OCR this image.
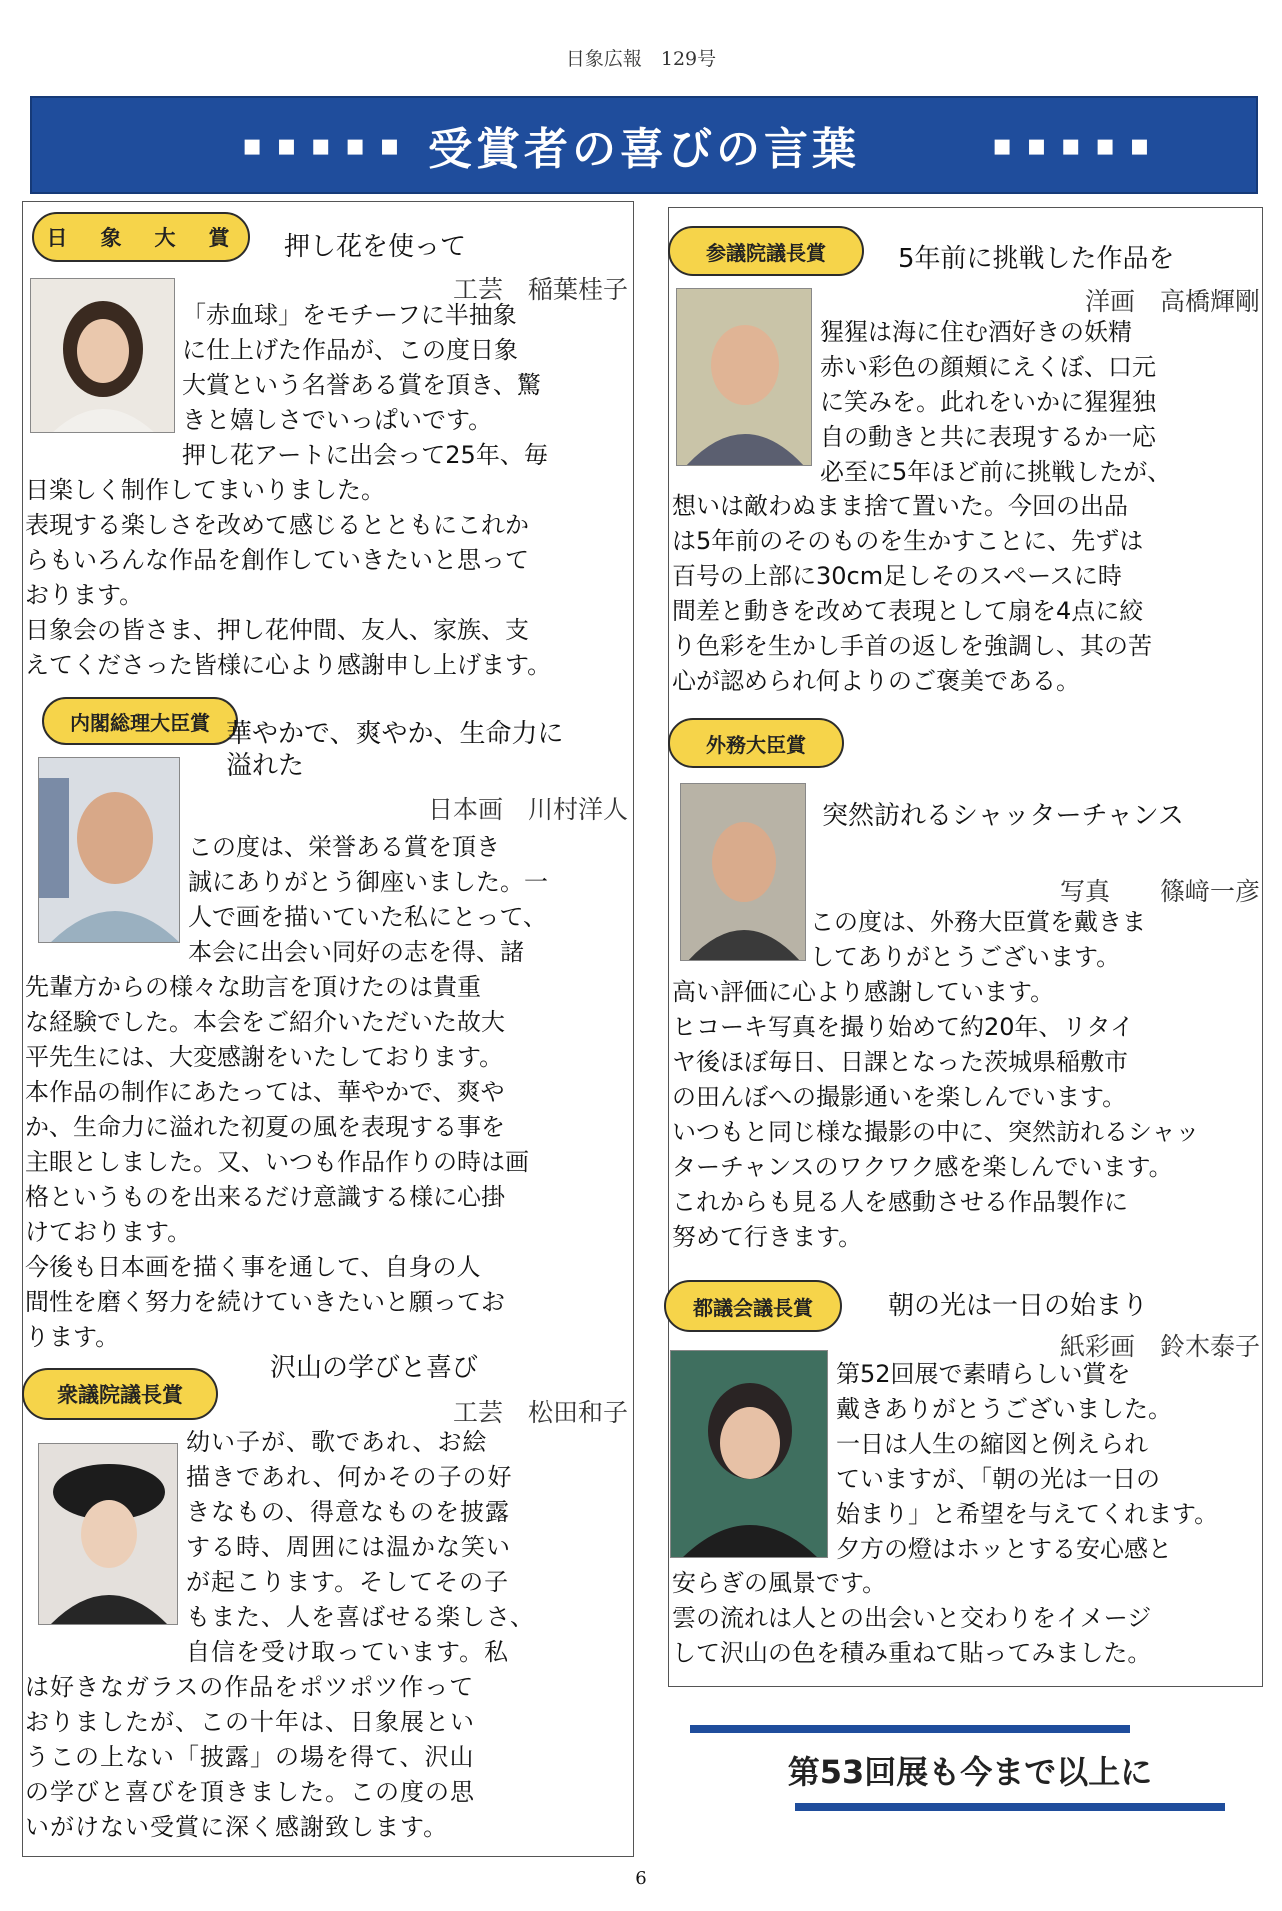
日象広報　129号
▪▪▪▪▪ 受賞者の喜びの言葉	▪▪▪▪▪
日　象　大　賞	押し花を使って
工芸　稲葉桂子
「赤血球」をモチーフに半抽象
に仕上げた作品が、この度日象
大賞という名誉ある賞を頂き、驚
きと嬉しさでいっぱいです。
押し花アートに出会って25年、毎
日楽しく制作してまいりました。
表現する楽しさを改めて感じるとともにこれか
らもいろんな作品を創作していきたいと思って
おります。
日象会の皆さま、押し花仲間、友人、家族、支
えてくださった皆様に心より感謝申し上げます。
内閣総理大臣賞 華やかで、爽やか、生命力に
溢れた
日本画　川村洋人
この度は、栄誉ある賞を頂き
誠にありがとう御座いました。一
人で画を描いていた私にとって、
本会に出会い同好の志を得、諸
先輩方からの様々な助言を頂けたのは貴重
な経験でした。本会をご紹介いただいた故大
平先生には、大変感謝をいたしております。
本作品の制作にあたっては、華やかで、爽や
か、生命力に溢れた初夏の風を表現する事を
主眼としました。又、いつも作品作りの時は画
格というものを出来るだけ意識する様に心掛
けております。
今後も日本画を描く事を通して、自身の人
間性を磨く努力を続けていきたいと願ってお
ります。
沢山の学びと喜び
衆議院議長賞
工芸　松田和子
幼い子が、歌であれ、お絵
描きであれ、何かその子の好
きなもの、得意なものを披露
する時、周囲には温かな笑い
が起こります。そしてその子
もまた、人を喜ばせる楽しさ、
自信を受け取っています。私
は好きなガラスの作品をポツポツ作って
おりましたが、この十年は、日象展とい
うこの上ない「披露」の場を得て、沢山
の学びと喜びを頂きました。この度の思
いがけない受賞に深く感謝致します。
参議院議長賞	5年前に挑戦した作品を
洋画　高橋輝剛
猩猩は海に住む酒好きの妖精
赤い彩色の顔頬にえくぼ、口元
に笑みを。此れをいかに猩猩独
自の動きと共に表現するか一応
必至に5年ほど前に挑戦したが、
想いは敵わぬまま捨て置いた。今回の出品
は5年前のそのものを生かすことに、先ずは
百号の上部に30cm足しそのスペースに時
間差と動きを改めて表現として扇を4点に絞
り色彩を生かし手首の返しを強調し、其の苦
心が認められ何よりのご褒美である。
外務大臣賞
突然訪れるシャッターチャンス
写真　　篠﨑一彦
この度は、外務大臣賞を戴きま
してありがとうございます。
高い評価に心より感謝しています。
ヒコーキ写真を撮り始めて約20年、リタイ
ヤ後ほぼ毎日、日課となった茨城県稲敷市
の田んぼへの撮影通いを楽しんでいます。
いつもと同じ様な撮影の中に、突然訪れるシャッ
ターチャンスのワクワク感を楽しんでいます。
これからも見る人を感動させる作品製作に
努めて行きます。
都議会議長賞	朝の光は一日の始まり
紙彩画　鈴木泰子
第52回展で素晴らしい賞を
戴きありがとうございました。
一日は人生の縮図と例えられ
ていますが、「朝の光は一日の
始まり」と希望を与えてくれます。
夕方の燈はホッとする安心感と
安らぎの風景です。
雲の流れは人との出会いと交わりをイメージ
して沢山の色を積み重ねて貼ってみました。
第53回展も今まで以上に
6
